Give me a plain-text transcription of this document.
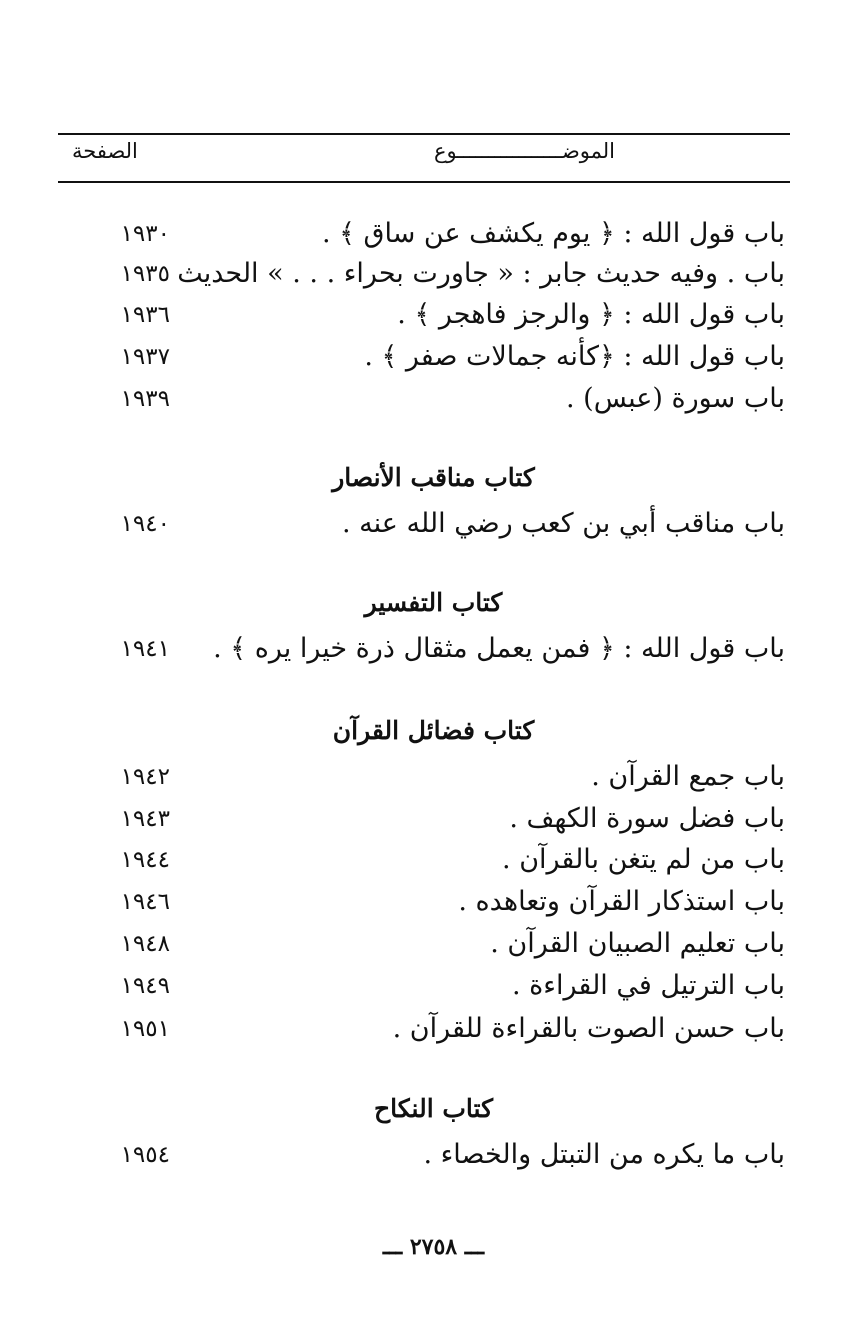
الموضـــــــــــــــــوع
الصفحة
باب قول الله : ﴿ يوم يكشف عن ساق ﴾ .
١٩٣٠
باب . وفيه حديث جابر : « جاورت بحراء . . . » الحديث
١٩٣٥
باب قول الله : ﴿ والرجز فاهجر ﴾ .
١٩٣٦
باب قول الله : ﴿كأنه جمالات صفر ﴾ .
١٩٣٧
باب سورة (عبس) .
١٩٣٩
كتاب مناقب الأنصار
باب مناقب أبي بن كعب رضي الله عنه .
١٩٤٠
كتاب التفسير
باب قول الله : ﴿ فمن يعمل مثقال ذرة خيرا يره ﴾ .
١٩٤١
كتاب فضائل القرآن
باب جمع القرآن .
١٩٤٢
باب فضل سورة الكهف .
١٩٤٣
باب من لم يتغن بالقرآن .
١٩٤٤
باب استذكار القرآن وتعاهده .
١٩٤٦
باب تعليم الصبيان القرآن .
١٩٤٨
باب الترتيل في القراءة .
١٩٤٩
باب حسن الصوت بالقراءة للقرآن .
١٩٥١
كتاب النكاح
باب ما يكره من التبتل والخصاء .
١٩٥٤
ـــ ٢٧٥٨ ـــ
